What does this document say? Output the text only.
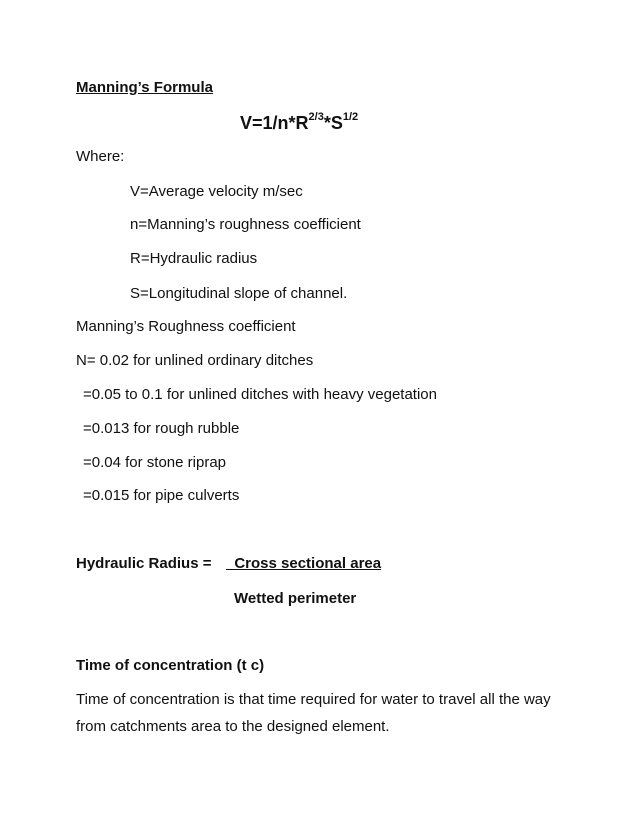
Manning’s Formula
$V=1/n*R^{2/3}*S^{1/2}$
Where:
V=Average velocity m/sec
n=Manning’s roughness coefficient
R=Hydraulic radius
S=Longitudinal slope of channel.
Manning’s Roughness coefficient
N= 0.02 for unlined ordinary ditches
=0.05 to 0.1 for unlined ditches with heavy vegetation
=0.013 for rough rubble
=0.04 for stone riprap
=0.015 for pipe culverts
Hydraulic Radius = _Cross sectional area
Wetted perimeter
Time of concentration (t c)
Time of concentration is that time required for water to travel all the way from catchments area to the designed element.
